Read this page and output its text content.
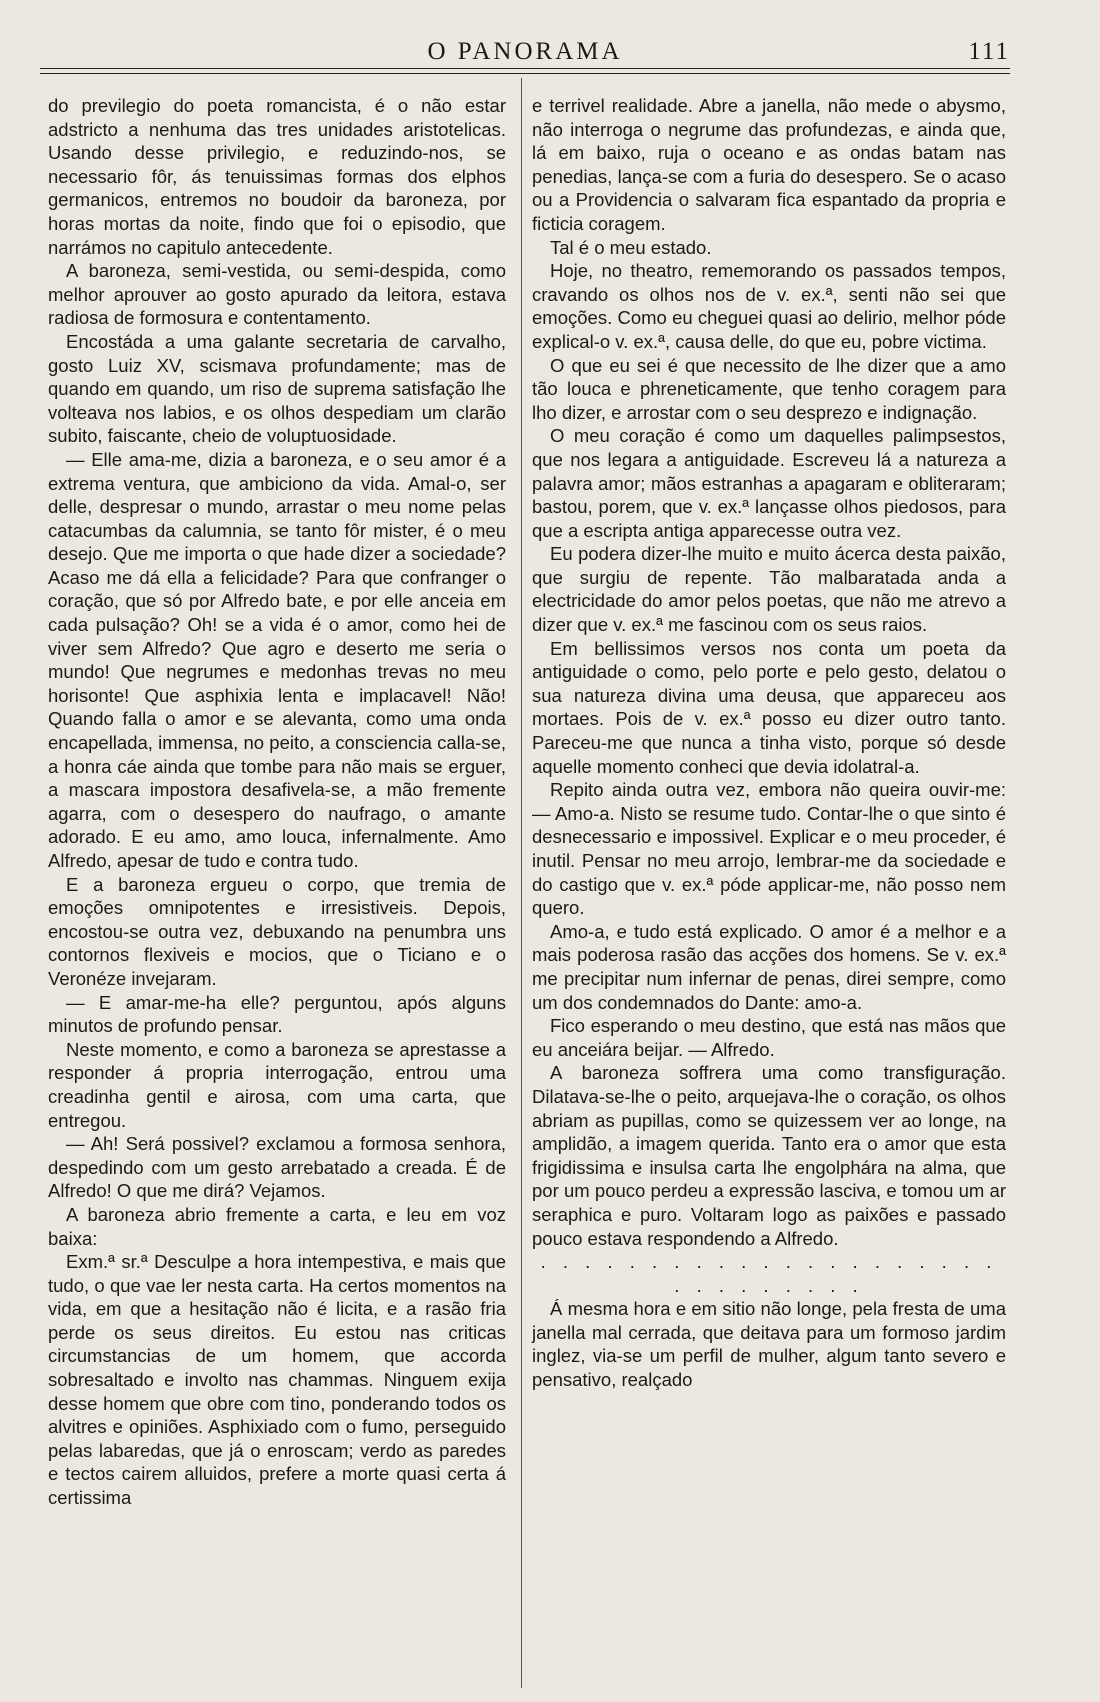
O PANORAMA	111

do previlegio do poeta romancista, é o não estar adstricto a nenhuma das tres unidades aristotelicas. Usando desse privilegio, e reduzindo-nos, se necessario fôr, ás tenuissimas formas dos elphos germanicos, entremos no boudoir da baroneza, por horas mortas da noite, findo que foi o episodio, que narrámos no capitulo antecedente.

A baroneza, semi-vestida, ou semi-despida, como melhor aprouver ao gosto apurado da leitora, estava radiosa de formosura e contentamento.

Encostáda a uma galante secretaria de carvalho, gosto Luiz XV, scismava profundamente; mas de quando em quando, um riso de suprema satisfação lhe volteava nos labios, e os olhos despediam um clarão subito, faiscante, cheio de voluptuosidade.

— Elle ama-me, dizia a baroneza, e o seu amor é a extrema ventura, que ambiciono da vida. Amal-o, ser delle, despresar o mundo, arrastar o meu nome pelas catacumbas da calumnia, se tanto fôr mister, é o meu desejo. Que me importa o que hade dizer a sociedade? Acaso me dá ella a felicidade? Para que confranger o coração, que só por Alfredo bate, e por elle anceia em cada pulsação? Oh! se a vida é o amor, como hei de viver sem Alfredo? Que agro e deserto me seria o mundo! Que negrumes e medonhas trevas no meu horisonte! Que asphixia lenta e implacavel! Não! Quando falla o amor e se alevanta, como uma onda encapellada, immensa, no peito, a consciencia calla-se, a honra cáe ainda que tombe para não mais se erguer, a mascara impostora desafivela-se, a mão fremente agarra, com o desespero do naufrago, o amante adorado. E eu amo, amo louca, infernalmente. Amo Alfredo, apesar de tudo e contra tudo.

E a baroneza ergueu o corpo, que tremia de emoções omnipotentes e irresistiveis. Depois, encostou-se outra vez, debuxando na penumbra uns contornos flexiveis e mocios, que o Ticiano e o Veronéze invejaram.

— E amar-me-ha elle? perguntou, após alguns minutos de profundo pensar.

Neste momento, e como a baroneza se aprestasse a responder á propria interrogação, entrou uma creadinha gentil e airosa, com uma carta, que entregou.

— Ah! Será possivel? exclamou a formosa senhora, despedindo com um gesto arrebatado a creada. É de Alfredo! O que me dirá? Vejamos.

A baroneza abrio fremente a carta, e leu em voz baixa:

Exm.ª sr.ª Desculpe a hora intempestiva, e mais que tudo, o que vae ler nesta carta. Ha certos momentos na vida, em que a hesitação não é licita, e a rasão fria perde os seus direitos. Eu estou nas criticas circumstancias de um homem, que accorda sobresaltado e involto nas chammas. Ninguem exija desse homem que obre com tino, ponderando todos os alvitres e opiniões. Asphixiado com o fumo, perseguido pelas labaredas, que já o enroscam; verdo as paredes e tectos cairem alluidos, prefere a morte quasi certa á certissima

e terrivel realidade. Abre a janella, não mede o abysmo, não interroga o negrume das profundezas, e ainda que, lá em baixo, ruja o oceano e as ondas batam nas penedias, lança-se com a furia do desespero. Se o acaso ou a Providencia o salvaram fica espantado da propria e ficticia coragem.

Tal é o meu estado.

Hoje, no theatro, rememorando os passados tempos, cravando os olhos nos de v. ex.ª, senti não sei que emoções. Como eu cheguei quasi ao delirio, melhor póde explical-o v. ex.ª, causa delle, do que eu, pobre victima.

O que eu sei é que necessito de lhe dizer que a amo tão louca e phreneticamente, que tenho coragem para lho dizer, e arrostar com o seu desprezo e indignação.

O meu coração é como um daquelles palimpsestos, que nos legara a antiguidade. Escreveu lá a natureza a palavra amor; mãos estranhas a apagaram e obliteraram; bastou, porem, que v. ex.ª lançasse olhos piedosos, para que a escripta antiga apparecesse outra vez.

Eu podera dizer-lhe muito e muito ácerca desta paixão, que surgiu de repente. Tão malbaratada anda a electricidade do amor pelos poetas, que não me atrevo a dizer que v. ex.ª me fascinou com os seus raios.

Em bellissimos versos nos conta um poeta da antiguidade o como, pelo porte e pelo gesto, delatou o sua natureza divina uma deusa, que appareceu aos mortaes. Pois de v. ex.ª posso eu dizer outro tanto. Pareceu-me que nunca a tinha visto, porque só desde aquelle momento conheci que devia idolatral-a.

Repito ainda outra vez, embora não queira ouvir-me: — Amo-a. Nisto se resume tudo. Contar-lhe o que sinto é desnecessario e impossivel. Explicar e o meu proceder, é inutil. Pensar no meu arrojo, lembrar-me da sociedade e do castigo que v. ex.ª póde applicar-me, não posso nem quero.

Amo-a, e tudo está explicado. O amor é a melhor e a mais poderosa rasão das acções dos homens. Se v. ex.ª me precipitar num infernar de penas, direi sempre, como um dos condemnados do Dante: amo-a.

Fico esperando o meu destino, que está nas mãos que eu anceiára beijar. — Alfredo.

A baroneza soffrera uma como transfiguração. Dilatava-se-lhe o peito, arquejava-lhe o coração, os olhos abriam as pupillas, como se quizessem ver ao longe, na amplidão, a imagem querida. Tanto era o amor que esta frigidissima e insulsa carta lhe engolphára na alma, que por um pouco perdeu a expressão lasciva, e tomou um ar seraphica e puro. Voltaram logo as paixões e passado pouco estava respondendo a Alfredo.

. . . . . . . . . . . . . . . . . . . . . . . . . . . . . .

Á mesma hora e em sitio não longe, pela fresta de uma janella mal cerrada, que deitava para um formoso jardim inglez, via-se um perfil de mulher, algum tanto severo e pensativo, realçado
